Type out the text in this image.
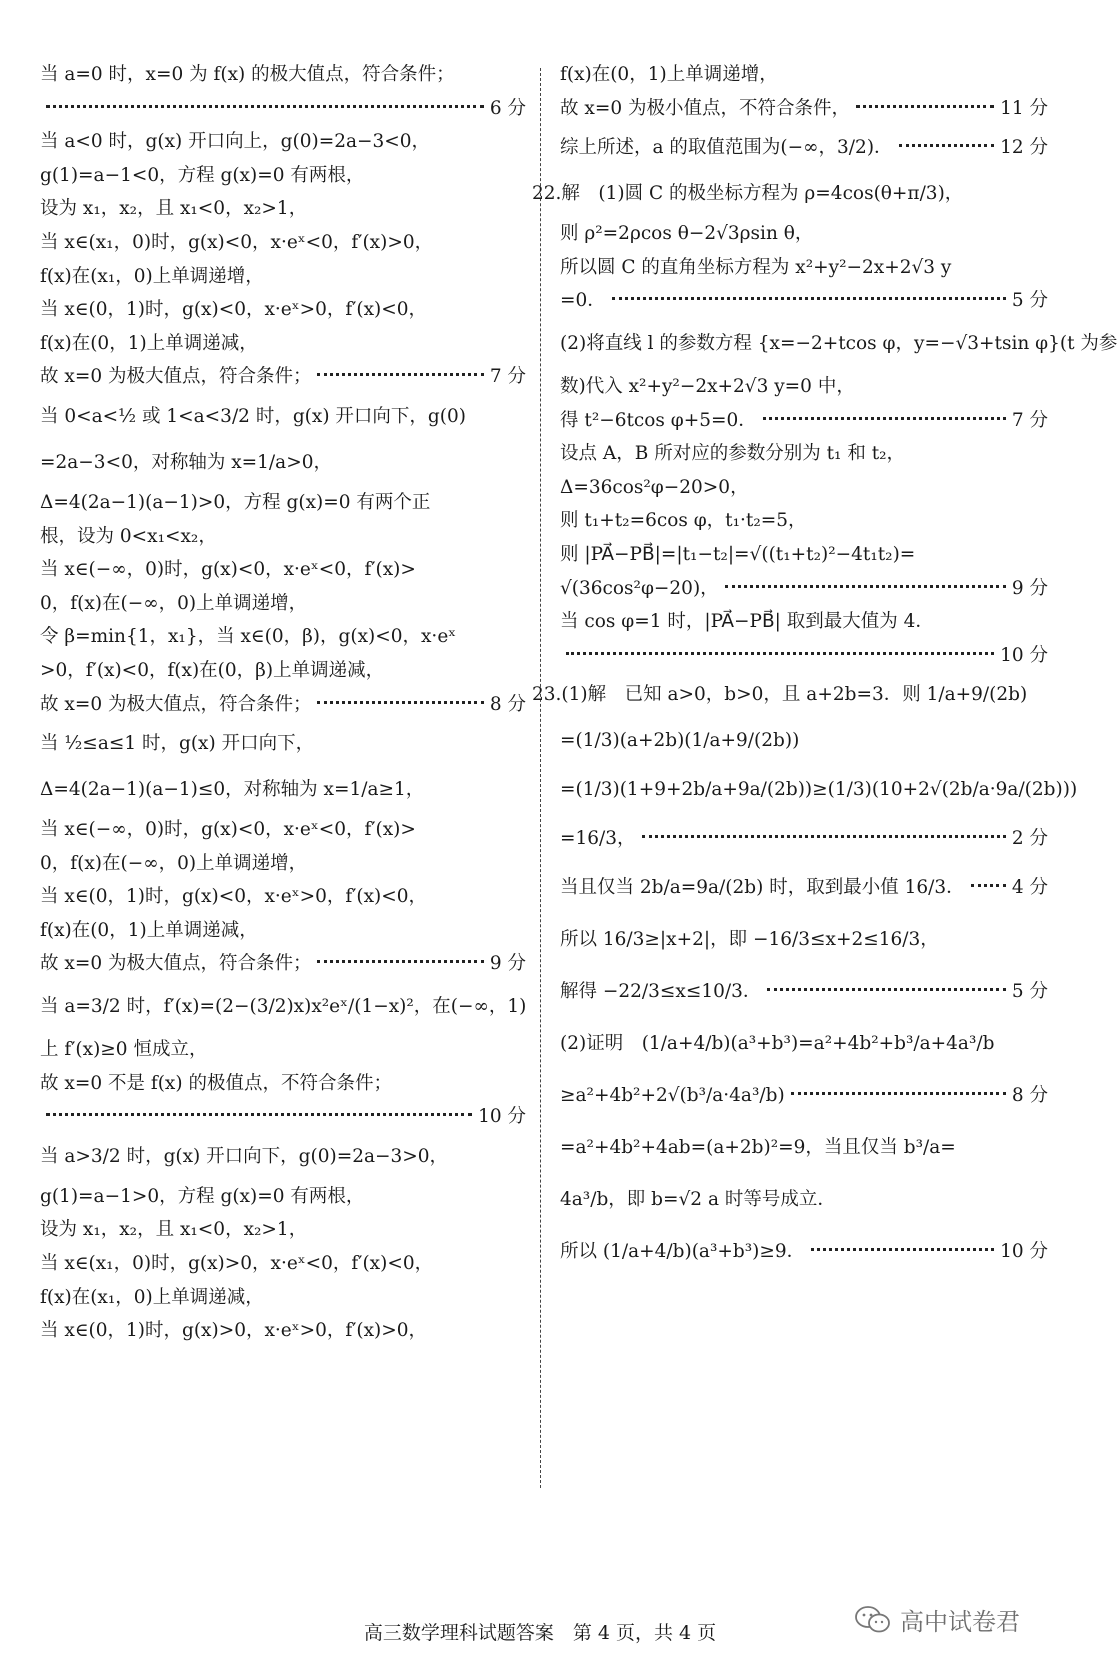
当 a=0 时，x=0 为 f(x) 的极大值点，符合条件；
6 分
当 a<0 时，g(x) 开口向上，g(0)=2a−3<0，
g(1)=a−1<0，方程 g(x)=0 有两根，
设为 x₁，x₂，且 x₁<0，x₂>1，
当 x∈(x₁，0)时，g(x)<0，x·eˣ<0，f′(x)>0，
f(x)在(x₁，0)上单调递增，
当 x∈(0，1)时，g(x)<0，x·eˣ>0，f′(x)<0，
f(x)在(0，1)上单调递减，
故 x=0 为极大值点，符合条件；	7 分
当 0<a<½ 或 1<a<3/2 时，g(x) 开口向下，g(0)
=2a−3<0，对称轴为 x=1/a>0，
Δ=4(2a−1)(a−1)>0，方程 g(x)=0 有两个正
根，设为 0<x₁<x₂，
当 x∈(−∞，0)时，g(x)<0，x·eˣ<0，f′(x)>
0，f(x)在(−∞，0)上单调递增，
令 β=min{1，x₁}，当 x∈(0，β)，g(x)<0，x·eˣ
>0，f′(x)<0，f(x)在(0，β)上单调递减，
故 x=0 为极大值点，符合条件；	8 分
当 ½≤a≤1 时，g(x) 开口向下，
Δ=4(2a−1)(a−1)≤0，对称轴为 x=1/a≥1，
当 x∈(−∞，0)时，g(x)<0，x·eˣ<0，f′(x)>
0，f(x)在(−∞，0)上单调递增，
当 x∈(0，1)时，g(x)<0，x·eˣ>0，f′(x)<0，
f(x)在(0，1)上单调递减，
故 x=0 为极大值点，符合条件；	9 分
当 a=3/2 时，f′(x)=(2−(3/2)x)x²eˣ/(1−x)²，在(−∞，1)
上 f′(x)≥0 恒成立，
故 x=0 不是 f(x) 的极值点，不符合条件；
10 分
当 a>3/2 时，g(x) 开口向下，g(0)=2a−3>0，
g(1)=a−1>0，方程 g(x)=0 有两根，
设为 x₁，x₂，且 x₁<0，x₂>1，
当 x∈(x₁，0)时，g(x)>0，x·eˣ<0，f′(x)<0，
f(x)在(x₁，0)上单调递减，
当 x∈(0，1)时，g(x)>0，x·eˣ>0，f′(x)>0，
f(x)在(0，1)上单调递增，
故 x=0 为极小值点，不符合条件，	11 分
综上所述，a 的取值范围为(−∞，3/2)．	12 分
22.解　(1)圆 C 的极坐标方程为 ρ=4cos(θ+π/3)，
则 ρ²=2ρcos θ−2√3ρsin θ，
所以圆 C 的直角坐标方程为 x²+y²−2x+2√3 y
=0．	5 分
(2)将直线 l 的参数方程 {x=−2+tcos φ，y=−√3+tsin φ}(t 为参
数)代入 x²+y²−2x+2√3 y=0 中，
得 t²−6tcos φ+5=0．	7 分
设点 A，B 所对应的参数分别为 t₁ 和 t₂，
Δ=36cos²φ−20>0，
则 t₁+t₂=6cos φ，t₁·t₂=5，
则 |PA⃗−PB⃗|=|t₁−t₂|=√((t₁+t₂)²−4t₁t₂)=
√(36cos²φ−20)，	9 分
当 cos φ=1 时，|PA⃗−PB⃗| 取到最大值为 4．
10 分
23.(1)解　已知 a>0，b>0，且 a+2b=3．则 1/a+9/(2b)
=(1/3)(a+2b)(1/a+9/(2b))
=(1/3)(1+9+2b/a+9a/(2b))≥(1/3)(10+2√(2b/a·9a/(2b)))
=16/3，	2 分
当且仅当 2b/a=9a/(2b) 时，取到最小值 16/3．	4 分
所以 16/3≥|x+2|，即 −16/3≤x+2≤16/3，
解得 −22/3≤x≤10/3．	5 分
(2)证明　(1/a+4/b)(a³+b³)=a²+4b²+b³/a+4a³/b
≥a²+4b²+2√(b³/a·4a³/b)	8 分
=a²+4b²+4ab=(a+2b)²=9，当且仅当 b³/a=
4a³/b，即 b=√2 a 时等号成立．
所以 (1/a+4/b)(a³+b³)≥9．	10 分
高三数学理科试题答案　第 4 页，共 4 页	高中试卷君
